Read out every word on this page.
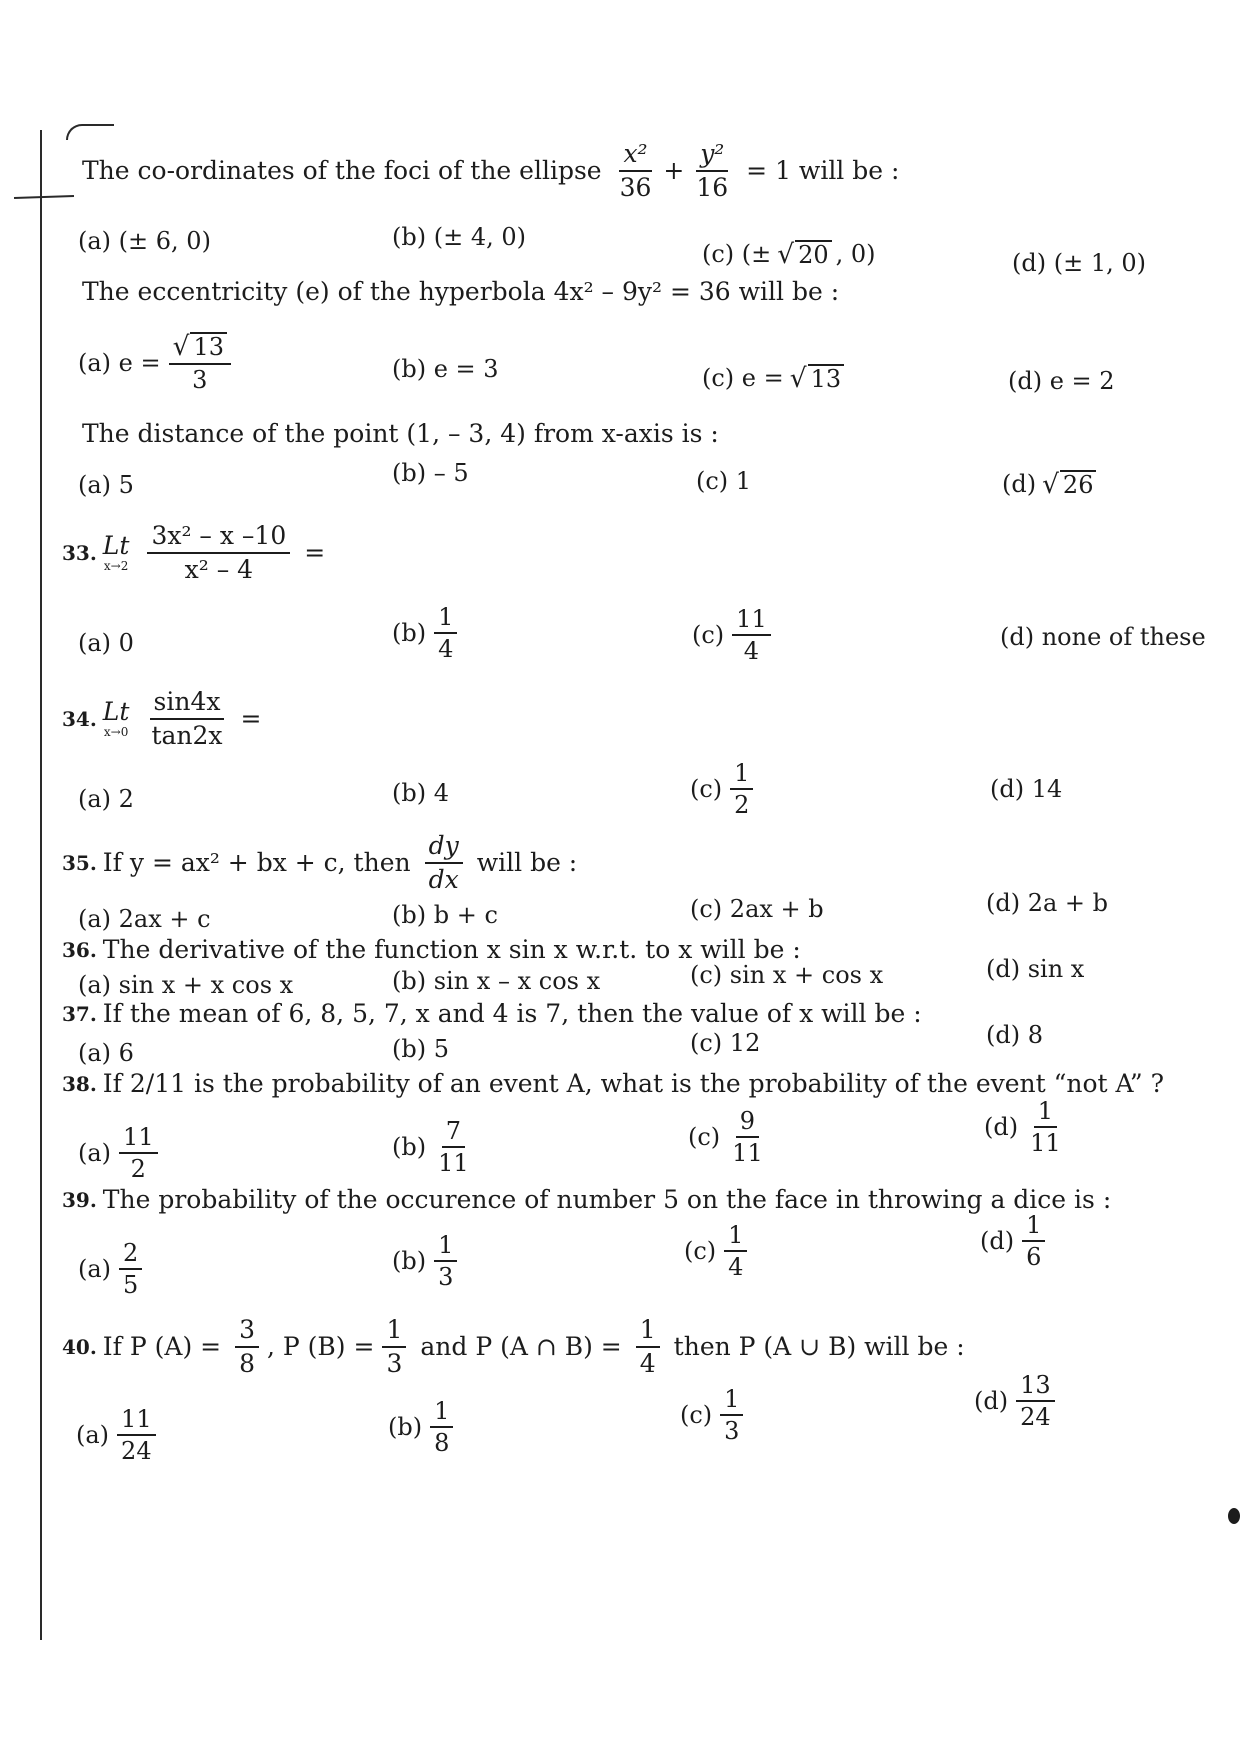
The co-ordinates of the foci of the ellipse $\frac{\text{x²}}{36} + \frac{\text{y²}}{16} = 1$ will be :
(a) (± 6, 0)	(b) (± 4, 0)
(c) (± √ 20 , 0)	(d) (± 1, 0)
The eccentricity (e) of the hyperbola 4x² – 9y² = 36 will be :
(a) $e = \frac{√ 13}{3}$	(b) e = 3	(c) e = √ 13	(d) e = 2
The distance of the point (1, – 3, 4) from x-axis is :
(a) 5	(b) – 5	(c) 1	(d) √ 26
33. Lt
$x\to 2 \frac{\text{3x² – x –10}}{\text{x² – 4}}$ =
(a) 0	$(b) \frac{1}{4}$	$(c) \frac{11}{4}$	(d) none of these
34. Lt
$x\to 0 \frac{\sin 4x}{\tan 2x}$ =
(a) 2	(b) 4	$(c) \frac{1}{2}$	(d) 14
35. If y = ax² + bx + c, then $\frac{dy}{dx}$ will be :
(a) 2ax + c	(b) b + c	(c) 2ax + b	(d) 2a + b
36. The derivative of the function x sin x w.r.t. to x will be :
(a) sin x + x cos x	(b) sin x – x cos x	(c) sin x + cos x	(d) sin x
37. If the mean of 6, 8, 5, 7, x and 4 is 7, then the value of x will be :
(a) 6	(b) 5	(c) 12	(d) 8
38. If 2/11 is the probability of an event A, what is the probability of the event “not A” ?
$(a) \frac{11}{2}$	$(b) \frac{7}{11}$	$(c) \frac{9}{11}$	$(d) \frac{1}{11}$
39. The probability of the occurence of number 5 on the face in throwing a dice is :
$(a) \frac{2}{5}$	$(b) \frac{1}{3}$	$(c) \frac{1}{4}$	$(d) \frac{1}{6}$
40. If P $(A) = \frac{3}{8}$ , P $(B) = \frac{1}{3}$ and P (A ∩ $B) = \frac{1}{4}$ then P (A ∪ B) will be :
$(a) \frac{11}{24}$	$(b) \frac{1}{8}$	$(c) \frac{1}{3}$	$(d) \frac{13}{24}$
